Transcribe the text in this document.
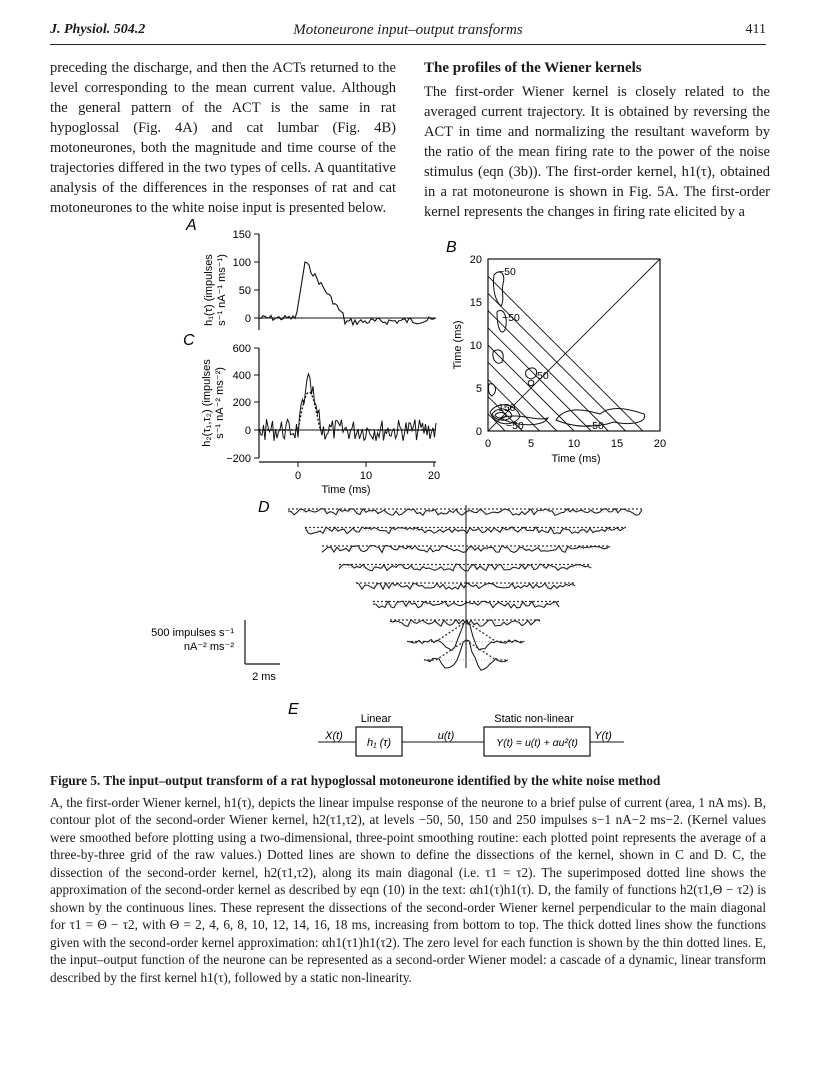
J. Physiol. 504.2	Motoneurone input–output transforms	411

preceding the discharge, and then the ACTs returned to the level corresponding to the mean current value. Although the general pattern of the ACT is the same in rat hypoglossal (Fig. 4A) and cat lumbar (Fig. 4B) motoneurones, both the magnitude and time course of the trajectories differed in the two types of cells. A quantitative analysis of the differences in the responses of rat and cat motoneurones to the white noise input is presented below.

The profiles of the Wiener kernels

The first-order Wiener kernel is closely related to the averaged current trajectory. It is obtained by reversing the ACT in time and normalizing the resultant waveform by the ratio of the mean firing rate to the power of the noise stimulus (eqn (3b)). The first-order kernel, h1(τ), obtained in a rat motoneurone is shown in Fig. 5A. The first-order kernel represents the changes in firing rate elicited by a

A
B
C
D
E
150
100
50
0
h₁(τ) (impulses s⁻¹ nA⁻¹ ms⁻¹)
600
400
200
0
−200
0	10	20
Time (ms)
h₂(τ₁,τ₂) (impulses s⁻¹ nA⁻² ms⁻²)
20
15
10
5
0
0	5	10	15	20
Time (ms)
Time (ms)
−50
−50
50
150
−50	−50
500 impulses s⁻¹
nA⁻² ms⁻²
2 ms
X(t)
Linear
h₁ (τ)
u(t)
Static non-linear
Y(t) = u(t) + αu²(t)
Y(t)
Figure 5. The input–output transform of a rat hypoglossal motoneurone identified by the white noise method

A, the first-order Wiener kernel, h1(τ), depicts the linear impulse response of the neurone to a brief pulse of current (area, 1 nA ms). B, contour plot of the second-order Wiener kernel, h2(τ1,τ2), at levels −50, 50, 150 and 250 impulses s−1 nA−2 ms−2. (Kernel values were smoothed before plotting using a two-dimensional, three-point smoothing routine: each plotted point represents the average of a three-by-three grid of the raw values.) Dotted lines are shown to define the dissections of the kernel, shown in C and D. C, the dissection of the second-order kernel, h2(τ1,τ2), along its main diagonal (i.e. τ1 = τ2). The superimposed dotted line shows the approximation of the second-order kernel as described by eqn (10) in the text: αh1(τ)h1(τ). D, the family of functions h2(τ1,Θ − τ2) is shown by the continuous lines. These represent the dissections of the second-order Wiener kernel perpendicular to the main diagonal for τ1 = Θ − τ2, with Θ = 2, 4, 6, 8, 10, 12, 14, 16, 18 ms, increasing from bottom to top. The thick dotted lines show the functions given with the second-order kernel approximation: αh1(τ1)h1(τ2). The zero level for each function is shown by the thin dotted lines. E, the input–output function of the neurone can be represented as a second-order Wiener model: a cascade of a dynamic, linear transform described by the first kernel h1(τ), followed by a static non-linearity.
